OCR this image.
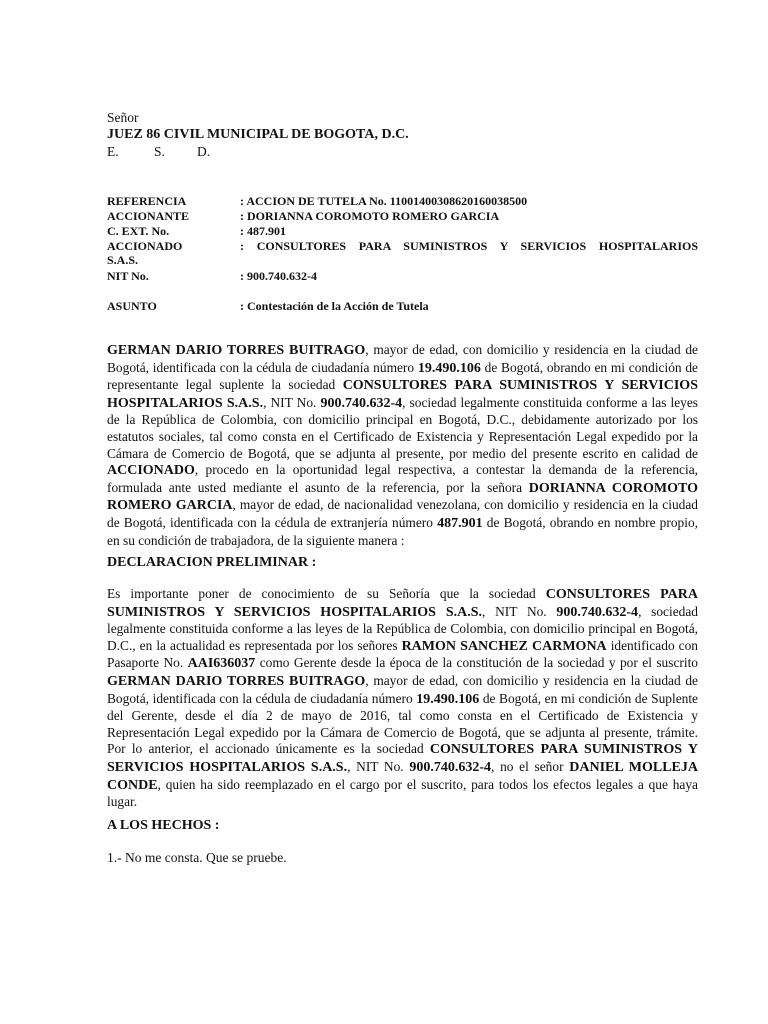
Señor
JUEZ 86 CIVIL MUNICIPAL DE BOGOTA, D.C.
E.	S. D.
REFERENCIA	: ACCION DE TUTELA No. 11001400308620160038500
ACCIONANTE	: DORIANNA COROMOTO ROMERO GARCIA
C. EXT. No.	: 487.901
ACCIONADO	: CONSULTORES PARA SUMINISTROS Y SERVICIOS HOSPITALARIOS
S.A.S.
NIT No.	: 900.740.632-4
ASUNTO	: Contestación de la Acción de Tutela
GERMAN DARIO TORRES BUITRAGO, mayor de edad, con domicilio y residencia en la ciudad de Bogotá, identificada con la cédula de ciudadanía número 19.490.106 de Bogotá, obrando en mi condición de representante legal suplente la sociedad CONSULTORES PARA SUMINISTROS Y SERVICIOS HOSPITALARIOS S.A.S., NIT No. 900.740.632-4, sociedad legalmente constituida conforme a las leyes de la República de Colombia, con domicilio principal en Bogotá, D.C., debidamente autorizado por los estatutos sociales, tal como consta en el Certificado de Existencia y Representación Legal expedido por la Cámara de Comercio de Bogotá, que se adjunta al presente, por medio del presente escrito en calidad de ACCIONADO, procedo en la oportunidad legal respectiva, a contestar la demanda de la referencia, formulada ante usted mediante el asunto de la referencia, por la señora DORIANNA COROMOTO ROMERO GARCIA, mayor de edad, de nacionalidad venezolana, con domicilio y residencia en la ciudad de Bogotá, identificada con la cédula de extranjería número 487.901 de Bogotá, obrando en nombre propio, en su condición de trabajadora, de la siguiente manera :
DECLARACION PRELIMINAR :
Es importante poner de conocimiento de su Señoría que la sociedad CONSULTORES PARA SUMINISTROS Y SERVICIOS HOSPITALARIOS S.A.S., NIT No. 900.740.632-4, sociedad legalmente constituida conforme a las leyes de la República de Colombia, con domicilio principal en Bogotá, D.C., en la actualidad es representada por los señores RAMON SANCHEZ CARMONA identificado con Pasaporte No. AAI636037 como Gerente desde la época de la constitución de la sociedad y por el suscrito GERMAN DARIO TORRES BUITRAGO, mayor de edad, con domicilio y residencia en la ciudad de Bogotá, identificada con la cédula de ciudadanía número 19.490.106 de Bogotá, en mi condición de Suplente del Gerente, desde el día 2 de mayo de 2016, tal como consta en el Certificado de Existencia y Representación Legal expedido por la Cámara de Comercio de Bogotá, que se adjunta al presente, trámite. Por lo anterior, el accionado únicamente es la sociedad CONSULTORES PARA SUMINISTROS Y SERVICIOS HOSPITALARIOS S.A.S., NIT No. 900.740.632-4, no el señor DANIEL MOLLEJA CONDE, quien ha sido reemplazado en el cargo por el suscrito, para todos los efectos legales a que haya lugar.
A LOS HECHOS :
1.- No me consta. Que se pruebe.
